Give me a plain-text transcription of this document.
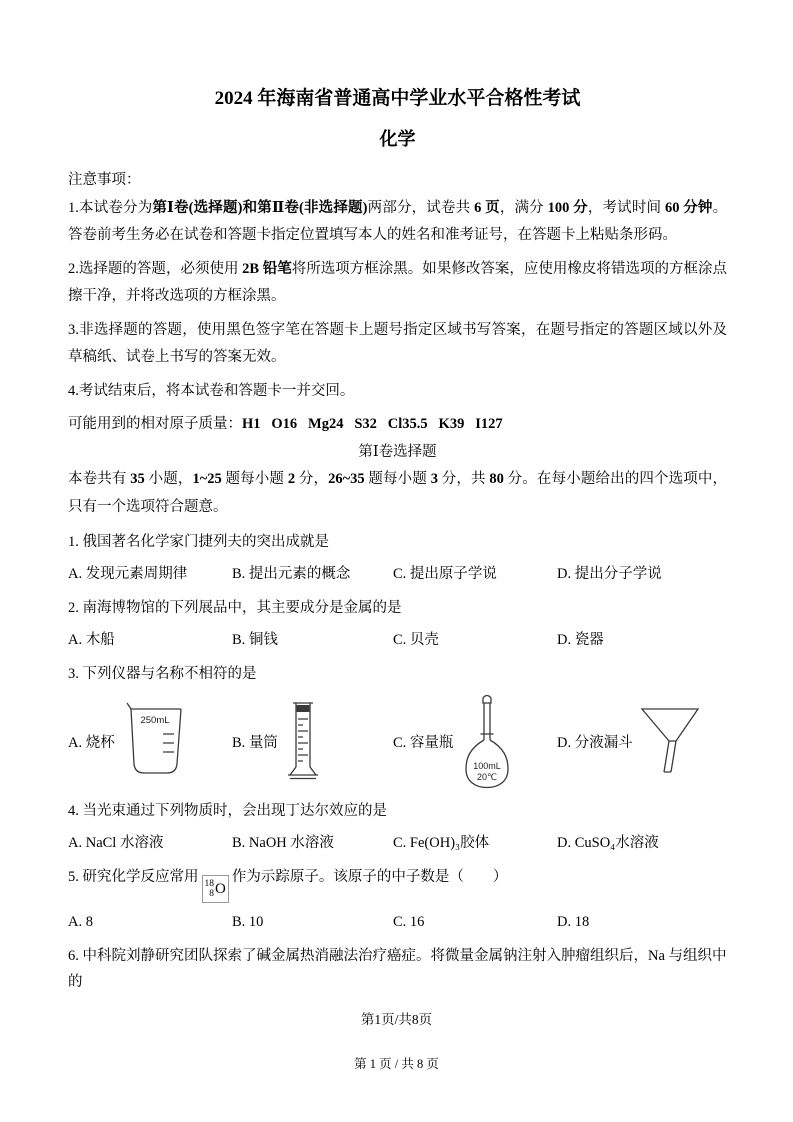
2024 年海南省普通高中学业水平合格性考试
化学

注意事项：

1.本试卷分为第Ⅰ卷(选择题)和第Ⅱ卷(非选择题)两部分，试卷共 6 页，满分 100 分，考试时间 60 分钟。答卷前考生务必在试卷和答题卡指定位置填写本人的姓名和准考证号，在答题卡上粘贴条形码。

2.选择题的答题，必须使用 2B 铅笔将所选项方框涂黑。如果修改答案，应使用橡皮将错选项的方框涂点擦干净，并将改选项的方框涂黑。

3.非选择题的答题，使用黑色签字笔在答题卡上题号指定区域书写答案，在题号指定的答题区域以外及草稿纸、试卷上书写的答案无效。

4.考试结束后，将本试卷和答题卡一并交回。

可能用到的相对原子质量：H1   O16   Mg24   S32   Cl35.5   K39   I127

第Ⅰ卷选择题

本卷共有 35 小题，1~25 题每小题 2 分，26~35 题每小题 3 分，共 80 分。在每小题给出的四个选项中，只有一个选项符合题意。

1. 俄国著名化学家门捷列夫的突出成就是

A. 发现元素周期律	B. 提出元素的概念	C. 提出原子学说	D. 提出分子学说

2. 南海博物馆的下列展品中，其主要成分是金属的是

A. 木船	B. 铜钱	C. 贝壳	D. 瓷器

3. 下列仪器与名称不相符的是

A. 烧杯
250mL
B. 量筒	C. 容量瓶
100mL
20℃
D. 分液漏斗

4. 当光束通过下列物质时，会出现丁达尔效应的是

A. NaCl 水溶液	B. NaOH 水溶液	C. Fe(OH)₃胶体	D. CuSO₄水溶液

5. 研究化学反应常用 18
8 O
作为示踪原子。该原子的中子数是（　　）

A. 8	B. 10	C. 16	D. 18

6. 中科院刘静研究团队探索了碱金属热消融法治疗癌症。将微量金属钠注射入肿瘤组织后，Na 与组织中的

第1页/共8页
第 1 页 / 共 8 页
